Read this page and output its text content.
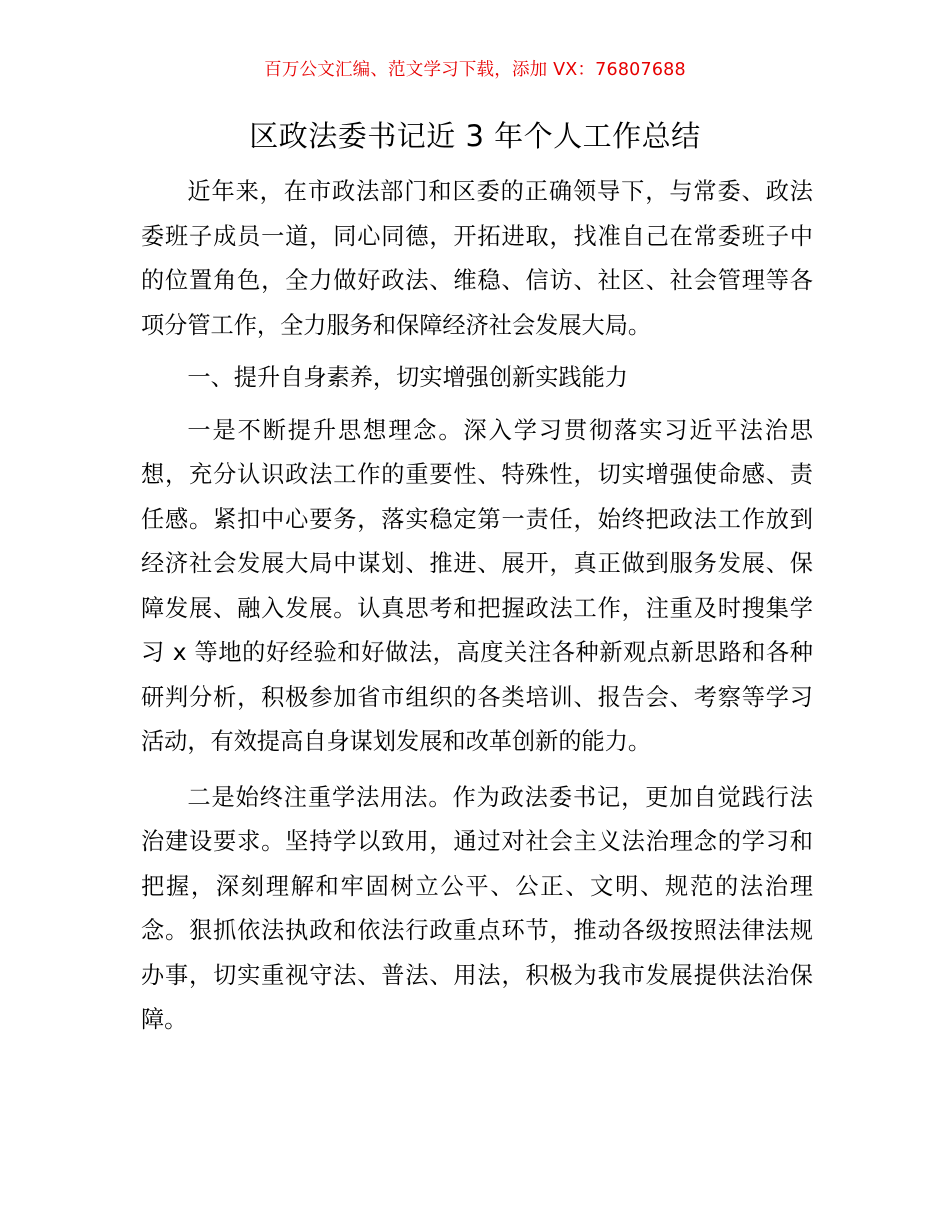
百万公文汇编、范文学习下载，添加 VX：76807688
区政法委书记近 3 年个人工作总结

近年来，在市政法部门和区委的正确领导下，与常委、政法委班子成员一道，同心同德，开拓进取，找准自己在常委班子中的位置角色，全力做好政法、维稳、信访、社区、社会管理等各项分管工作，全力服务和保障经济社会发展大局。

一、提升自身素养，切实增强创新实践能力

一是不断提升思想理念。深入学习贯彻落实习近平法治思想，充分认识政法工作的重要性、特殊性，切实增强使命感、责任感。紧扣中心要务，落实稳定第一责任，始终把政法工作放到经济社会发展大局中谋划、推进、展开，真正做到服务发展、保障发展、融入发展。认真思考和把握政法工作，注重及时搜集学习 x 等地的好经验和好做法，高度关注各种新观点新思路和各种研判分析，积极参加省市组织的各类培训、报告会、考察等学习活动，有效提高自身谋划发展和改革创新的能力。

二是始终注重学法用法。作为政法委书记，更加自觉践行法治建设要求。坚持学以致用，通过对社会主义法治理念的学习和把握，深刻理解和牢固树立公平、公正、文明、规范的法治理念。狠抓依法执政和依法行政重点环节，推动各级按照法律法规办事，切实重视守法、普法、用法，积极为我市发展提供法治保障。
